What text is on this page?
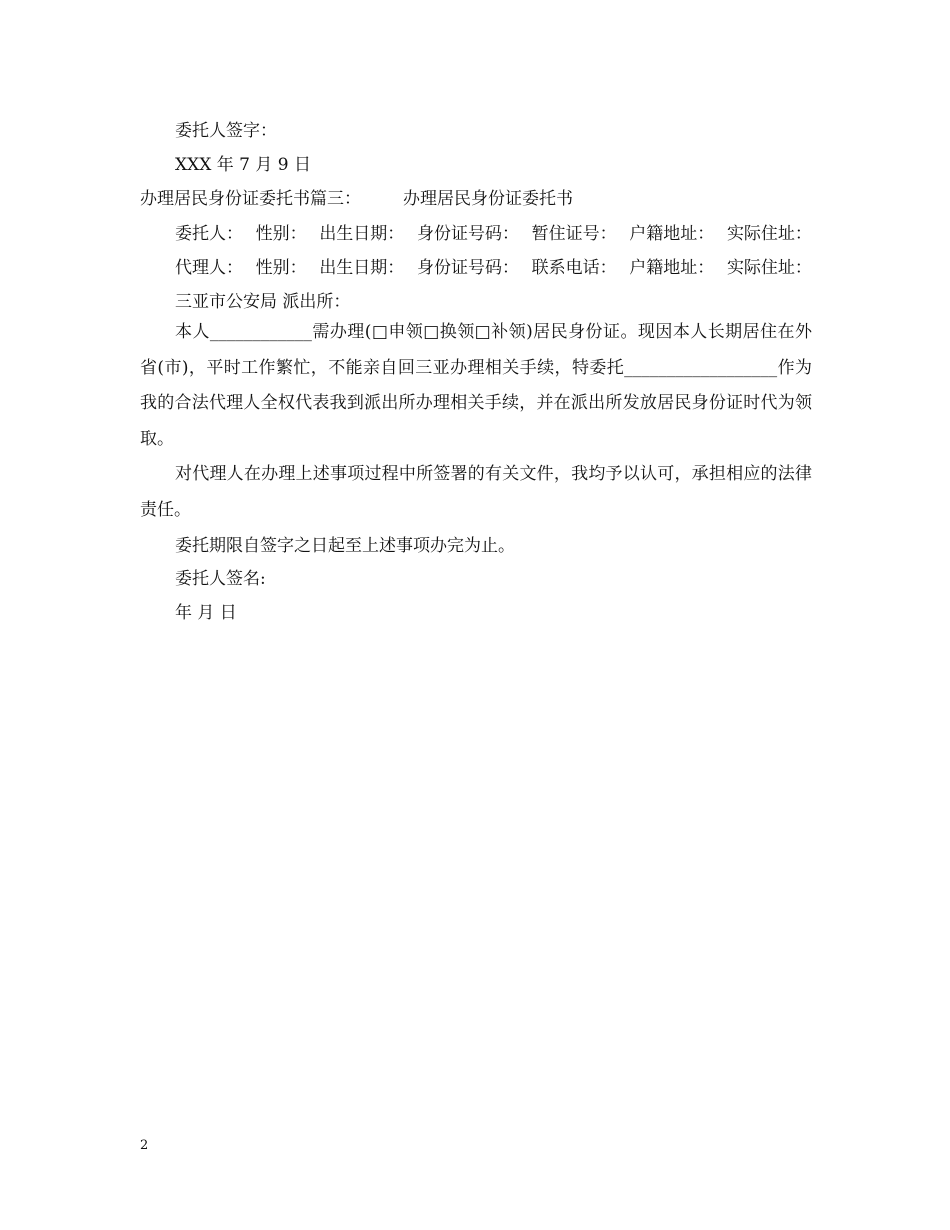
委托人签字：
XXX 年 7 月 9 日
办理居民身份证委托书篇三： 办理居民身份证委托书
委托人： 性别： 出生日期： 身份证号码： 暂住证号： 户籍地址： 实际住址：
代理人： 性别： 出生日期： 身份证号码： 联系电话： 户籍地址： 实际住址：
三亚市公安局 派出所：
本人____________需办理(□申领□换领□补领)居民身份证。现因本人长期居住在外省(市)，平时工作繁忙，不能亲自回三亚办理相关手续，特委托__________________作为我的合法代理人全权代表我到派出所办理相关手续，并在派出所发放居民身份证时代为领取。
对代理人在办理上述事项过程中所签署的有关文件，我均予以认可，承担相应的法律责任。
委托期限自签字之日起至上述事项办完为止。
委托人签名:
年 月 日
2
